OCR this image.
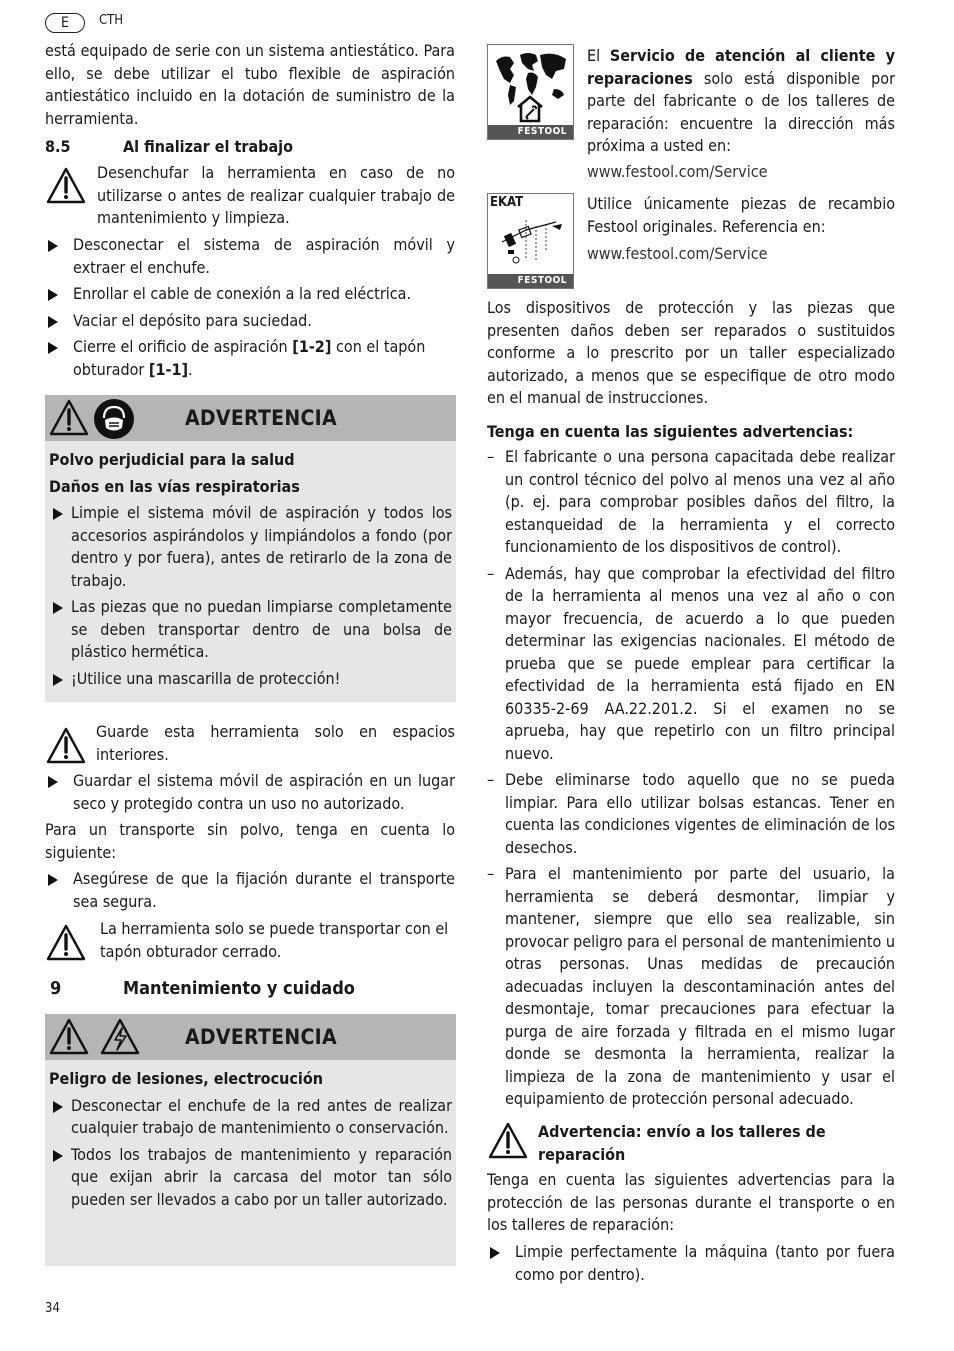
E	CTH

está equipado de serie con un sistema antiestático. Para ello, se debe utilizar el tubo flexible de aspiración antiestático incluido en la dotación de suministro de la herramienta.

8.5	Al finalizar el trabajo
Desenchufar la herramienta en caso de no utilizarse o antes de realizar cualquier trabajo de mantenimiento y limpieza.
Desconectar el sistema de aspiración móvil y extraer el enchufe.
Enrollar el cable de conexión a la red eléctrica.
Vaciar el depósito para suciedad.
Cierre el orificio de aspiración [1-2] con el tapón obturador [1-1].
ADVERTENCIA

Polvo perjudicial para la salud

Daños en las vías respiratorias

Limpie el sistema móvil de aspiración y todos los accesorios aspirándolos y limpiándolos a fondo (por dentro y por fuera), antes de retirarlo de la zona de trabajo.
Las piezas que no puedan limpiarse completamente se deben transportar dentro de una bolsa de plástico hermética.
¡Utilice una mascarilla de protección!
Guarde esta herramienta solo en espacios interiores.
Guardar el sistema móvil de aspiración en un lugar seco y protegido contra un uso no autorizado.

Para un transporte sin polvo, tenga en cuenta lo siguiente:

Asegúrese de que la fijación durante el transporte sea segura.
La herramienta solo se puede transportar con el tapón obturador cerrado.
9	Mantenimiento y cuidado
ADVERTENCIA

Peligro de lesiones, electrocución

Desconectar el enchufe de la red antes de realizar cualquier trabajo de mantenimiento o conservación.
Todos los trabajos de mantenimiento y reparación que exijan abrir la carcasa del motor tan sólo pueden ser llevados a cabo por un taller autorizado.
34
FESTOOL
El Servicio de atención al cliente y reparaciones solo está disponible por parte del fabricante o de los talleres de reparación: encuentre la dirección más próxima a usted en:
www.festool.com/Service
EKAT
FESTOOL
Utilice únicamente piezas de recambio Festool originales. Referencia en:
www.festool.com/Service
Los dispositivos de protección y las piezas que presenten daños deben ser reparados o sustituidos conforme a lo prescrito por un taller especializado autorizado, a menos que se especifique de otro modo en el manual de instrucciones.
Tenga en cuenta las siguientes advertencias:
– El fabricante o una persona capacitada debe realizar un control técnico del polvo al menos una vez al año (p. ej. para comprobar posibles daños del filtro, la estanqueidad de la herramienta y el correcto funcionamiento de los dispositivos de control).
– Además, hay que comprobar la efectividad del filtro de la herramienta al menos una vez al año o con mayor frecuencia, de acuerdo a lo que pueden determinar las exigencias nacionales. El método de prueba que se puede emplear para certificar la efectividad de la herramienta está fijado en EN 60335-2-69 AA.22.201.2. Si el examen no se aprueba, hay que repetirlo con un filtro principal nuevo.
– Debe eliminarse todo aquello que no se pueda limpiar. Para ello utilizar bolsas estancas. Tener en cuenta las condiciones vigentes de eliminación de los desechos.
– Para el mantenimiento por parte del usuario, la herramienta se deberá desmontar, limpiar y mantener, siempre que ello sea realizable, sin provocar peligro para el personal de mantenimiento u otras personas. Unas medidas de precaución adecuadas incluyen la descontaminación antes del desmontaje, tomar precauciones para efectuar la purga de aire forzada y filtrada en el mismo lugar donde se desmonta la herramienta, realizar la limpieza de la zona de mantenimiento y usar el equipamiento de protección personal adecuado.
Advertencia: envío a los talleres de reparación
Tenga en cuenta las siguientes advertencias para la protección de las personas durante el transporte o en los talleres de reparación:
Limpie perfectamente la máquina (tanto por fuera como por dentro).
